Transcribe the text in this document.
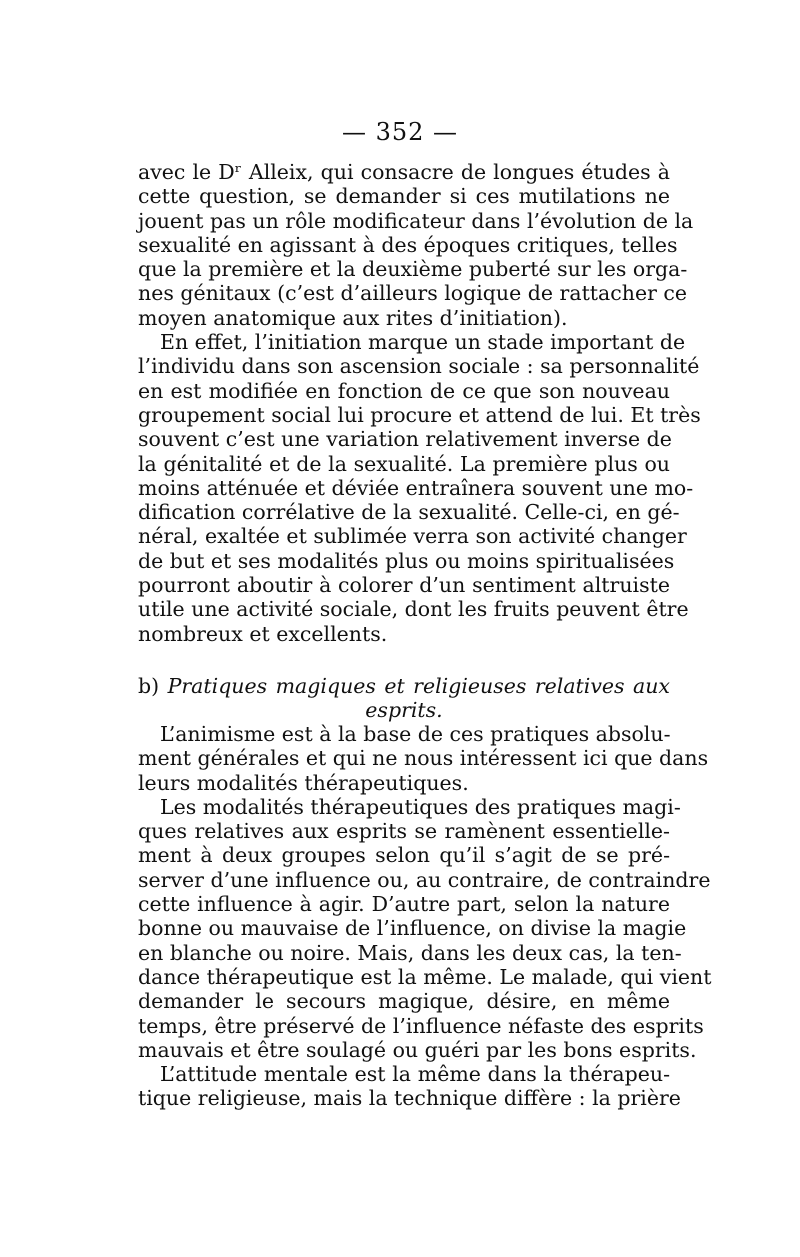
— 352 —
avec le Dʳ Alleix, qui consacre de longues études à
cette question, se demander si ces mutilations ne
jouent pas un rôle modificateur dans l’évolution de la
sexualité en agissant à des époques critiques, telles
que la première et la deuxième puberté sur les orga-
nes génitaux (c’est d’ailleurs logique de rattacher ce
moyen anatomique aux rites d’initiation).
En effet, l’initiation marque un stade important de
l’individu dans son ascension sociale : sa personnalité
en est modifiée en fonction de ce que son nouveau
groupement social lui procure et attend de lui. Et très
souvent c’est une variation relativement inverse de
la génitalité et de la sexualité. La première plus ou
moins atténuée et déviée entraînera souvent une mo-
dification corrélative de la sexualité. Celle-ci, en gé-
néral, exaltée et sublimée verra son activité changer
de but et ses modalités plus ou moins spiritualisées
pourront aboutir à colorer d’un sentiment altruiste
utile une activité sociale, dont les fruits peuvent être
nombreux et excellents.
b) Pratiques magiques et religieuses relatives aux
esprits.
L’animisme est à la base de ces pratiques absolu-
ment générales et qui ne nous intéressent ici que dans
leurs modalités thérapeutiques.
Les modalités thérapeutiques des pratiques magi-
ques relatives aux esprits se ramènent essentielle-
ment à deux groupes selon qu’il s’agit de se pré-
server d’une influence ou, au contraire, de contraindre
cette influence à agir. D’autre part, selon la nature
bonne ou mauvaise de l’influence, on divise la magie
en blanche ou noire. Mais, dans les deux cas, la ten-
dance thérapeutique est la même. Le malade, qui vient
demander le secours magique, désire, en même
temps, être préservé de l’influence néfaste des esprits
mauvais et être soulagé ou guéri par les bons esprits.
L’attitude mentale est la même dans la thérapeu-
tique religieuse, mais la technique diffère : la prière
